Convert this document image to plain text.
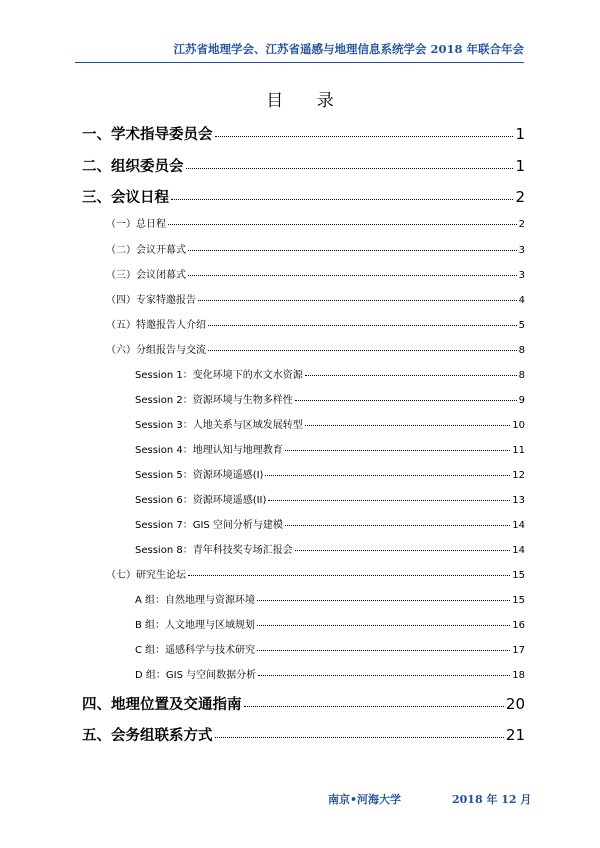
江苏省地理学会、江苏省遥感与地理信息系统学会 2018 年联合年会
目 录
一、学术指导委员会	1
二、组织委员会	1
三、会议日程	2
（一）总日程	2
（二）会议开幕式	3
（三）会议闭幕式	3
（四）专家特邀报告	4
（五）特邀报告人介绍	5
（六）分组报告与交流	8
Session 1：变化环境下的水文水资源	8
Session 2：资源环境与生物多样性	9
Session 3：人地关系与区域发展转型	10
Session 4：地理认知与地理教育	11
Session 5：资源环境遥感(I)	12
Session 6：资源环境遥感(II)	13
Session 7：GIS 空间分析与建模	14
Session 8：青年科技奖专场汇报会	14
（七）研究生论坛	15
A 组：自然地理与资源环境	15
B 组：人文地理与区域规划	16
C 组：遥感科学与技术研究	17
D 组：GIS 与空间数据分析	18
四、地理位置及交通指南	20
五、会务组联系方式	21
南京•河海大学	2018 年 12 月
